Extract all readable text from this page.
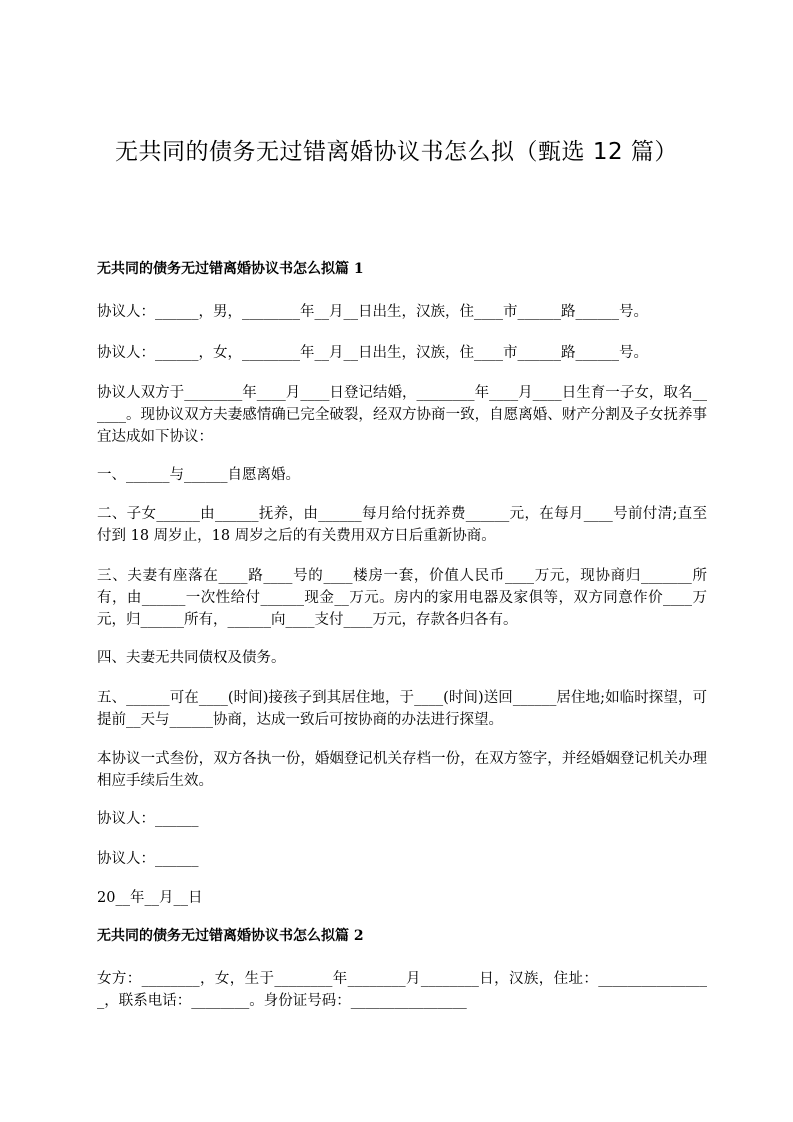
无共同的债务无过错离婚协议书怎么拟（甄选 12 篇）
无共同的债务无过错离婚协议书怎么拟篇 1

协议人：______，男，________年__月__日出生，汉族，住____市______路______号。

协议人：______，女，________年__月__日出生，汉族，住____市______路______号。

协议人双方于________年____月____日登记结婚，________年____月____日生育一子女，取名______。现协议双方夫妻感情确已完全破裂，经双方协商一致，自愿离婚、财产分割及子女抚养事宜达成如下协议：

一、______与______自愿离婚。

二、子女______由______抚养，由______每月给付抚养费______元，在每月____号前付清;直至付到 18 周岁止，18 周岁之后的有关费用双方日后重新协商。

三、夫妻有座落在____路____号的____楼房一套，价值人民币____万元，现协商归_______所有，由______一次性给付______现金__万元。房内的家用电器及家俱等，双方同意作价____万元，归______所有，______向____支付____万元，存款各归各有。

四、夫妻无共同债权及债务。

五、______可在____(时间)接孩子到其居住地，于____(时间)送回______居住地;如临时探望，可提前__天与______协商，达成一致后可按协商的办法进行探望。

本协议一式叁份，双方各执一份，婚姻登记机关存档一份，在双方签字，并经婚姻登记机关办理相应手续后生效。

协议人：______

协议人：______

20__年__月__日

无共同的债务无过错离婚协议书怎么拟篇 2

女方：________，女，生于________年________月________日，汉族，住址：________________，联系电话：________。身份证号码：________________
